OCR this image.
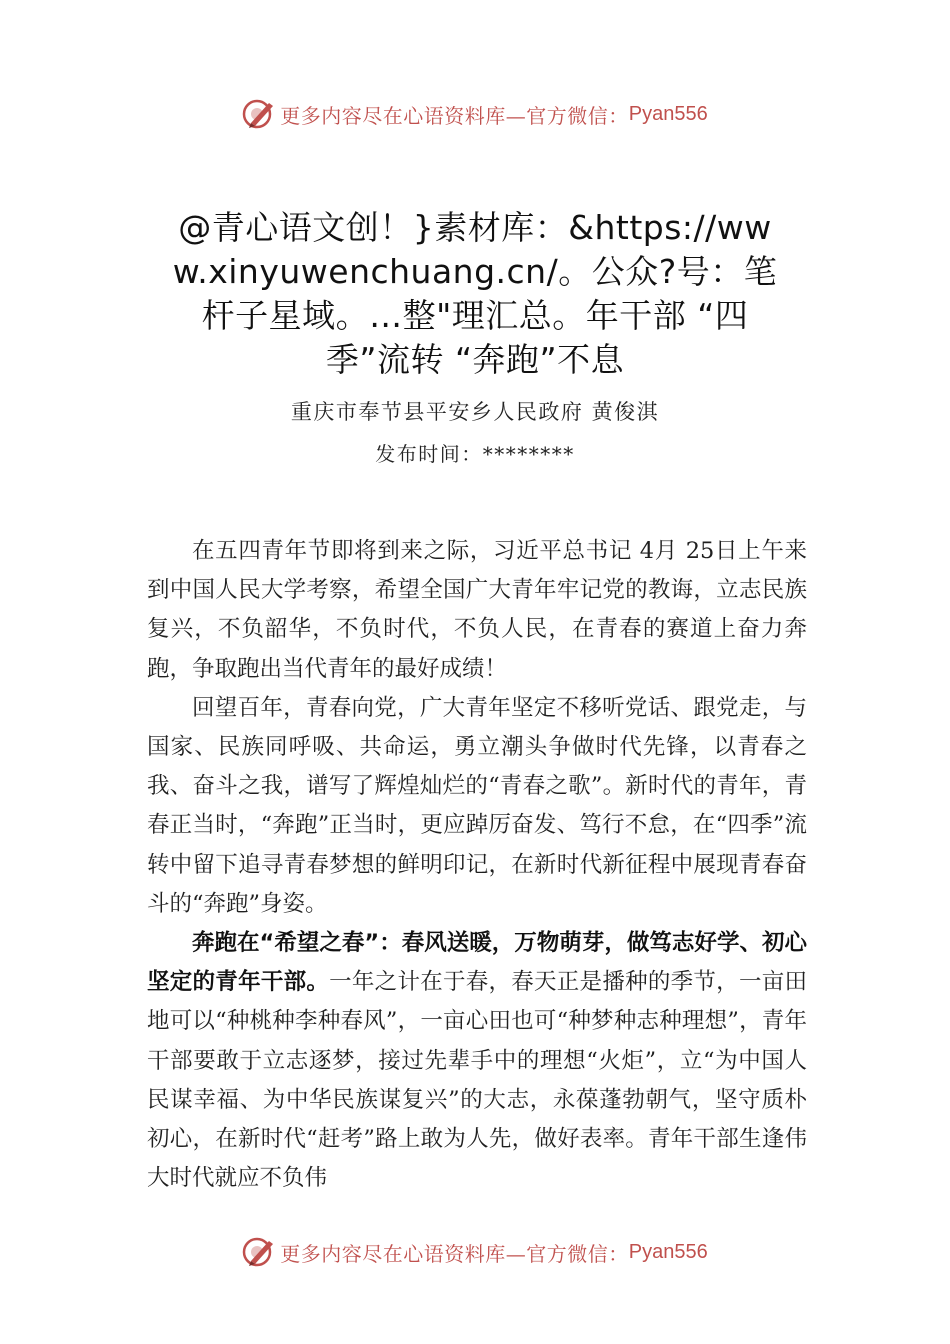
更多内容尽在心语资料库—官方微信： Pyan556
@青心语文创！}素材库：&https://www.xinyuwenchuang.cn/。公众?号：笔杆子星域。…整"理汇总。年干部 “四季”流转 “奔跑”不息
重庆市奉节县平安乡人民政府 黄俊淇
发布时间：********

在五四青年节即将到来之际，习近平总书记 4月 25日上午来到中国人民大学考察，希望全国广大青年牢记党的教诲，立志民族复兴，不负韶华，不负时代，不负人民，在青春的赛道上奋力奔跑，争取跑出当代青年的最好成绩！

回望百年，青春向党，广大青年坚定不移听党话、跟党走，与国家、民族同呼吸、共命运，勇立潮头争做时代先锋，以青春之我、奋斗之我，谱写了辉煌灿烂的“青春之歌”。新时代的青年，青春正当时，“奔跑”正当时，更应踔厉奋发、笃行不怠，在“四季”流转中留下追寻青春梦想的鲜明印记，在新时代新征程中展现青春奋斗的“奔跑”身姿。

奔跑在“希望之春”：春风送暖，万物萌芽，做笃志好学、初心坚定的青年干部。一年之计在于春，春天正是播种的季节，一亩田地可以“种桃种李种春风”，一亩心田也可“种梦种志种理想”，青年干部要敢于立志逐梦，接过先辈手中的理想“火炬”，立“为中国人民谋幸福、为中华民族谋复兴”的大志，永葆蓬勃朝气，坚守质朴初心，在新时代“赶考”路上敢为人先，做好表率。青年干部生逢伟大时代就应不负伟

更多内容尽在心语资料库—官方微信： Pyan556
